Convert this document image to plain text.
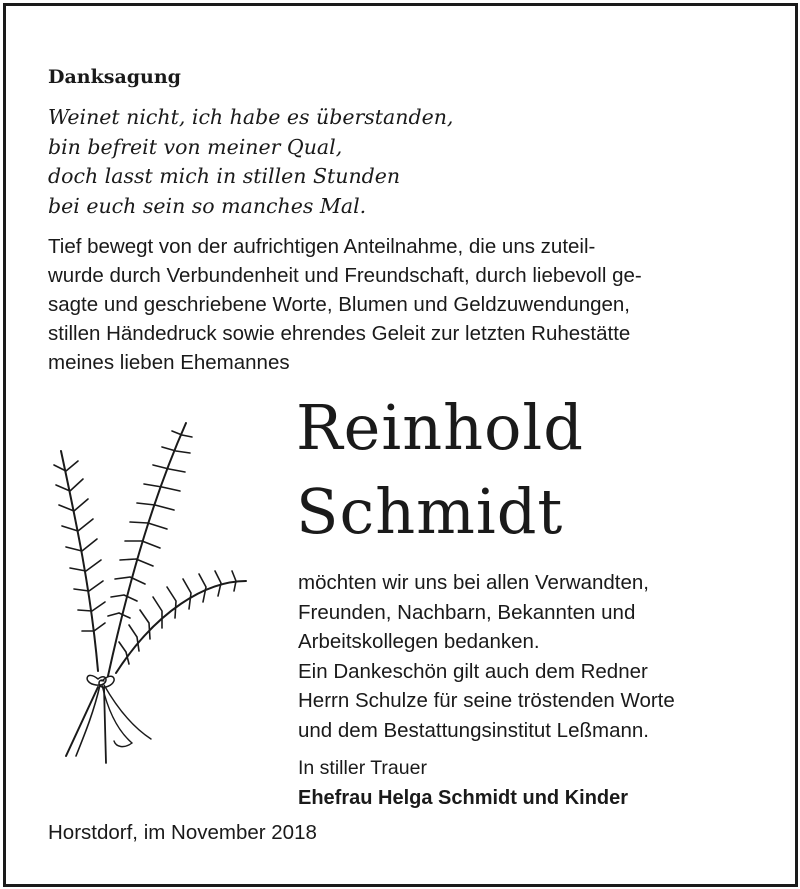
Danksagung
Weinet nicht, ich habe es überstanden,
bin befreit von meiner Qual,
doch lasst mich in stillen Stunden
bei euch sein so manches Mal.
Tief bewegt von der aufrichtigen Anteilnahme, die uns zuteil-
wurde durch Verbundenheit und Freundschaft, durch liebevoll ge-
sagte und geschriebene Worte, Blumen und Geldzuwendungen,
stillen Händedruck sowie ehrendes Geleit zur letzten Ruhestätte
meines lieben Ehemannes
Reinhold
Schmidt
möchten wir uns bei allen Verwandten,
Freunden, Nachbarn, Bekannten und
Arbeitskollegen bedanken.
Ein Dankeschön gilt auch dem Redner
Herrn Schulze für seine tröstenden Worte
und dem Bestattungsinstitut Leßmann.
In stiller Trauer
Ehefrau Helga Schmidt und Kinder
Horstdorf, im November 2018
